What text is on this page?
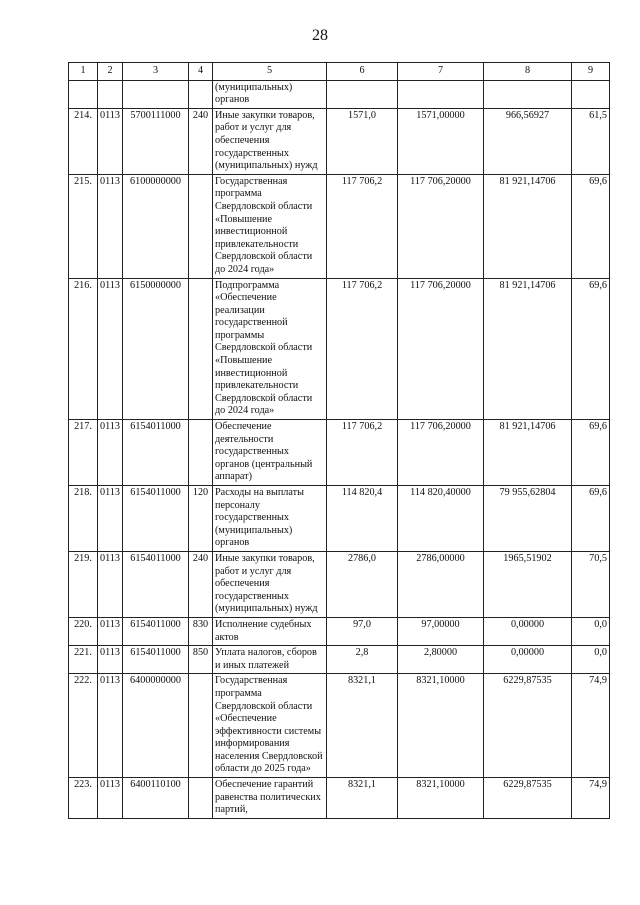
28
1	2	3	4	5	6	7	8	9
				(муниципальных) органов				
214.	0113	5700111000	240	Иные закупки товаров, работ и услуг для обеспечения государственных (муниципальных) нужд	1571,0	1571,00000	966,56927	61,5
215.	0113	6100000000		Государственная программа Свердловской области «Повышение инвестиционной привлекательности Свердловской области до 2024 года»	117 706,2	117 706,20000	81 921,14706	69,6
216.	0113	6150000000		Подпрограмма «Обеспечение реализации государственной программы Свердловской области «Повышение инвестиционной привлекательности Свердловской области до 2024 года»	117 706,2	117 706,20000	81 921,14706	69,6
217.	0113	6154011000		Обеспечение деятельности государственных органов (центральный аппарат)	117 706,2	117 706,20000	81 921,14706	69,6
218.	0113	6154011000	120	Расходы на выплаты персоналу государственных (муниципальных) органов	114 820,4	114 820,40000	79 955,62804	69,6
219.	0113	6154011000	240	Иные закупки товаров, работ и услуг для обеспечения государственных (муниципальных) нужд	2786,0	2786,00000	1965,51902	70,5
220.	0113	6154011000	830	Исполнение судебных актов	97,0	97,00000	0,00000	0,0
221.	0113	6154011000	850	Уплата налогов, сборов и иных платежей	2,8	2,80000	0,00000	0,0
222.	0113	6400000000		Государственная программа Свердловской области «Обеспечение эффективности системы информирования населения Свердловской области до 2025 года»	8321,1	8321,10000	6229,87535	74,9
223.	0113	6400110100		Обеспечение гарантий равенства политических партий,	8321,1	8321,10000	6229,87535	74,9
